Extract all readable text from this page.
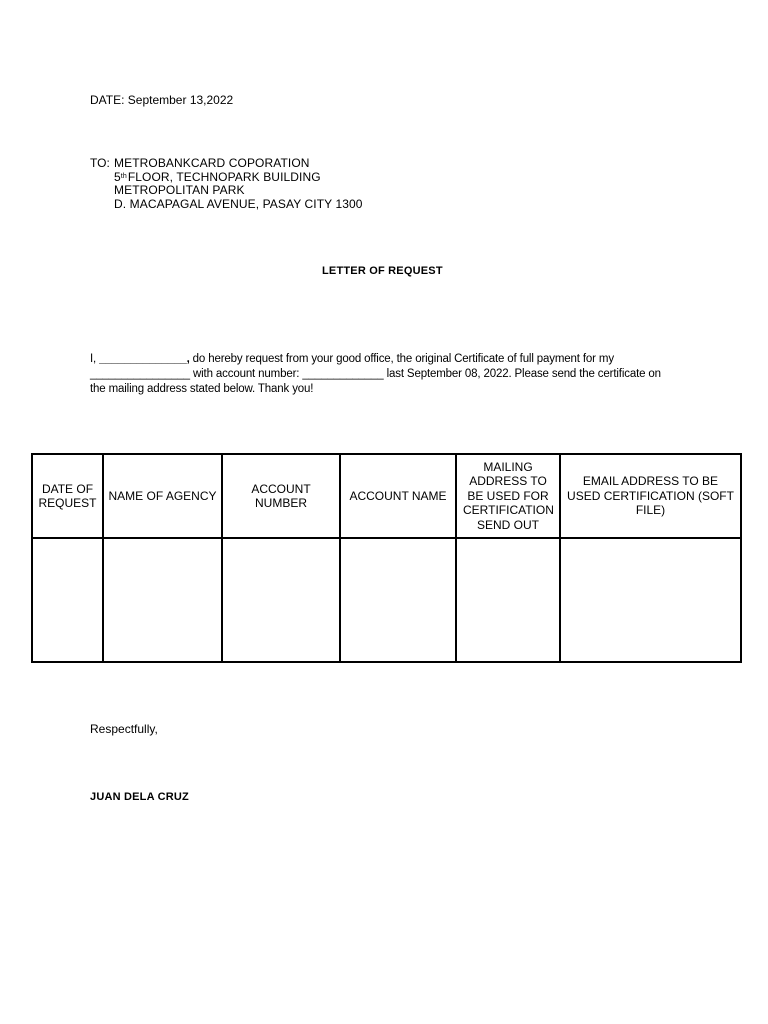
DATE: September 13,2022
TO: METROBANKCARD COPORATION
5thFLOOR, TECHNOPARK BUILDING
METROPOLITAN PARK
D. MACAPAGAL AVENUE, PASAY CITY 1300
LETTER OF REQUEST
I, ______________, do hereby request from your good office, the original Certificate of full payment for my
________________ with account number: _____________ last September 08, 2022. Please send the certificate on
the mailing address stated below. Thank you!
DATE OF REQUEST	NAME OF AGENCY	ACCOUNT NUMBER	ACCOUNT NAME	MAILING ADDRESS TO BE USED FOR CERTIFICATION SEND OUT	EMAIL ADDRESS TO BE USED CERTIFICATION (SOFT FILE)

Respectfully,
JUAN DELA CRUZ
